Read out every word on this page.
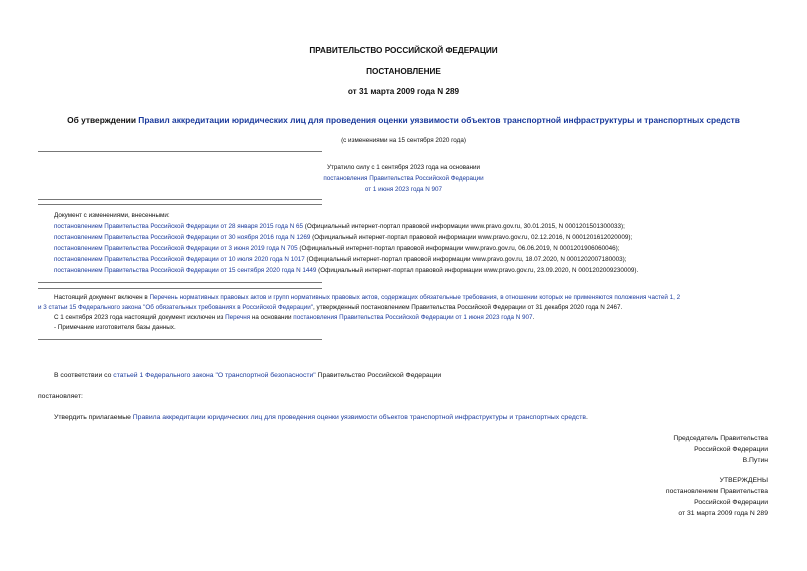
ПРАВИТЕЛЬСТВО РОССИЙСКОЙ ФЕДЕРАЦИИ
ПОСТАНОВЛЕНИЕ
от 31 марта 2009 года N 289
Об утверждении Правил аккредитации юридических лиц для проведения оценки уязвимости объектов транспортной инфраструктуры и транспортных средств
(с изменениями на 15 сентября 2020 года)
Утратило силу с 1 сентября 2023 года на основании
постановления Правительства Российской Федерации
от 1 июня 2023 года N 907
Документ с изменениями, внесенными:
постановлением Правительства Российской Федерации от 28 января 2015 года N 65 (Официальный интернет-портал правовой информации www.pravo.gov.ru, 30.01.2015, N 0001201501300033);
постановлением Правительства Российской Федерации от 30 ноября 2016 года N 1269 (Официальный интернет-портал правовой информации www.pravo.gov.ru, 02.12.2016, N 0001201612020009);
постановлением Правительства Российской Федерации от 3 июня 2019 года N 705 (Официальный интернет-портал правовой информации www.pravo.gov.ru, 06.06.2019, N 0001201906060046);
постановлением Правительства Российской Федерации от 10 июля 2020 года N 1017 (Официальный интернет-портал правовой информации www.pravo.gov.ru, 18.07.2020, N 0001202007180003);
постановлением Правительства Российской Федерации от 15 сентября 2020 года N 1449 (Официальный интернет-портал правовой информации www.pravo.gov.ru, 23.09.2020, N 0001202009230009).
Настоящий документ включен в Перечень нормативных правовых актов и групп нормативных правовых актов, содержащих обязательные требования, в отношении которых не применяются положения частей 1, 2
и 3 статьи 15 Федерального закона "Об обязательных требованиях в Российской Федерации", утвержденный постановлением Правительства Российской Федерации от 31 декабря 2020 года N 2467.
С 1 сентября 2023 года настоящий документ исключен из Перечня на основании постановления Правительства Российской Федерации от 1 июня 2023 года N 907.
- Примечание изготовителя базы данных.
В соответствии со статьей 1 Федерального закона "О транспортной безопасности" Правительство Российской Федерации
постановляет:
Утвердить прилагаемые Правила аккредитации юридических лиц для проведения оценки уязвимости объектов транспортной инфраструктуры и транспортных средств.
Председатель Правительства
Российской Федерации
В.Путин
УТВЕРЖДЕНЫ
постановлением Правительства
Российской Федерации
от 31 марта 2009 года N 289
